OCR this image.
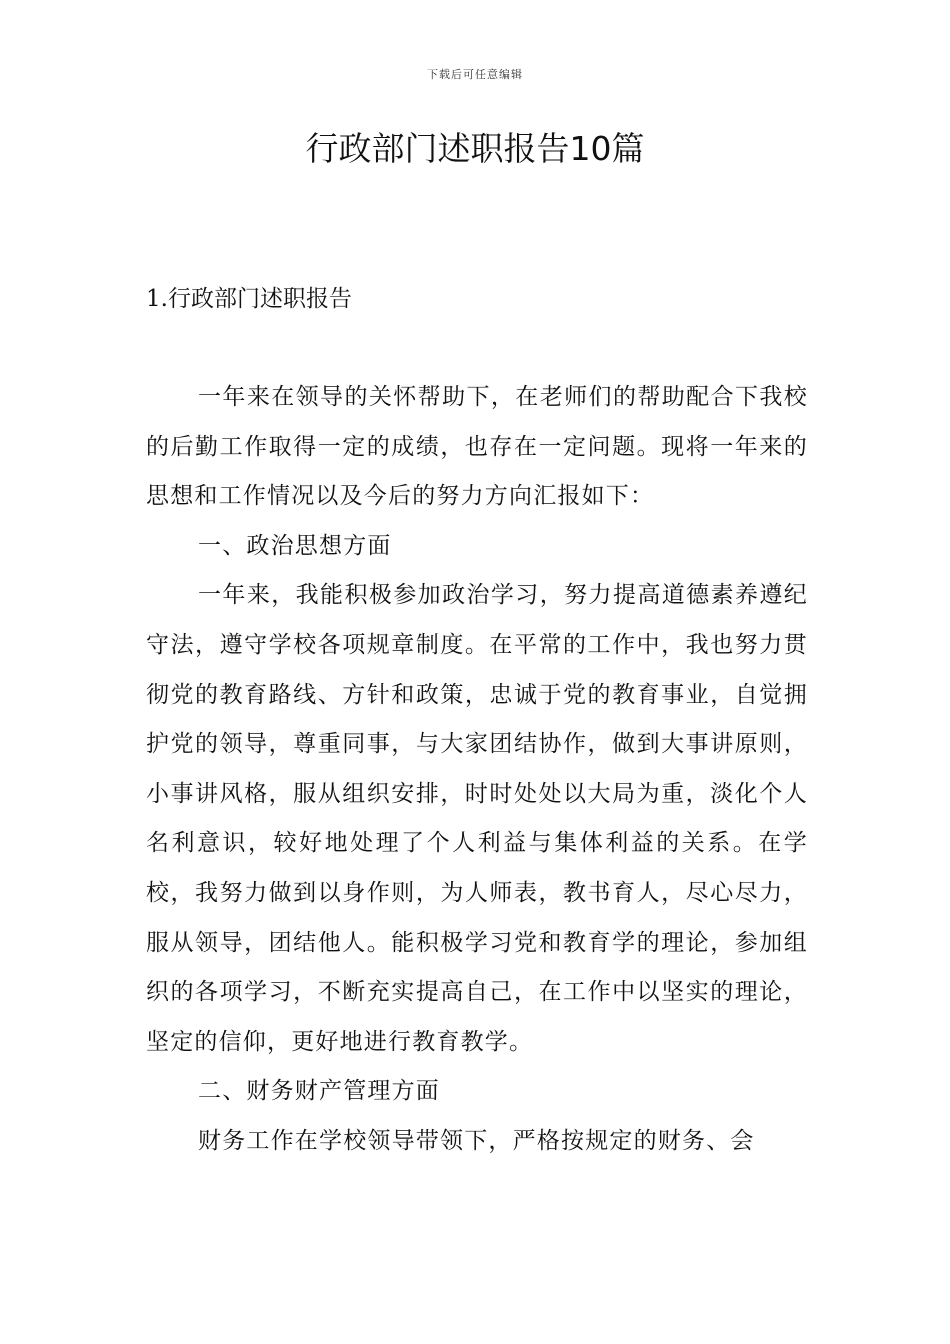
下载后可任意编辑
行政部门述职报告10篇
1.行政部门述职报告

一年来在领导的关怀帮助下，在老师们的帮助配合下我校的后勤工作取得一定的成绩，也存在一定问题。现将一年来的思想和工作情况以及今后的努力方向汇报如下：

一、政治思想方面

一年来，我能积极参加政治学习，努力提高道德素养遵纪守法，遵守学校各项规章制度。在平常的工作中，我也努力贯彻党的教育路线、方针和政策，忠诚于党的教育事业，自觉拥护党的领导，尊重同事，与大家团结协作，做到大事讲原则，小事讲风格，服从组织安排，时时处处以大局为重，淡化个人名利意识，较好地处理了个人利益与集体利益的关系。在学校，我努力做到以身作则，为人师表，教书育人，尽心尽力，服从领导，团结他人。能积极学习党和教育学的理论，参加组织的各项学习，不断充实提高自己，在工作中以坚实的理论，坚定的信仰，更好地进行教育教学。

二、财务财产管理方面

财务工作在学校领导带领下，严格按规定的财务、会
